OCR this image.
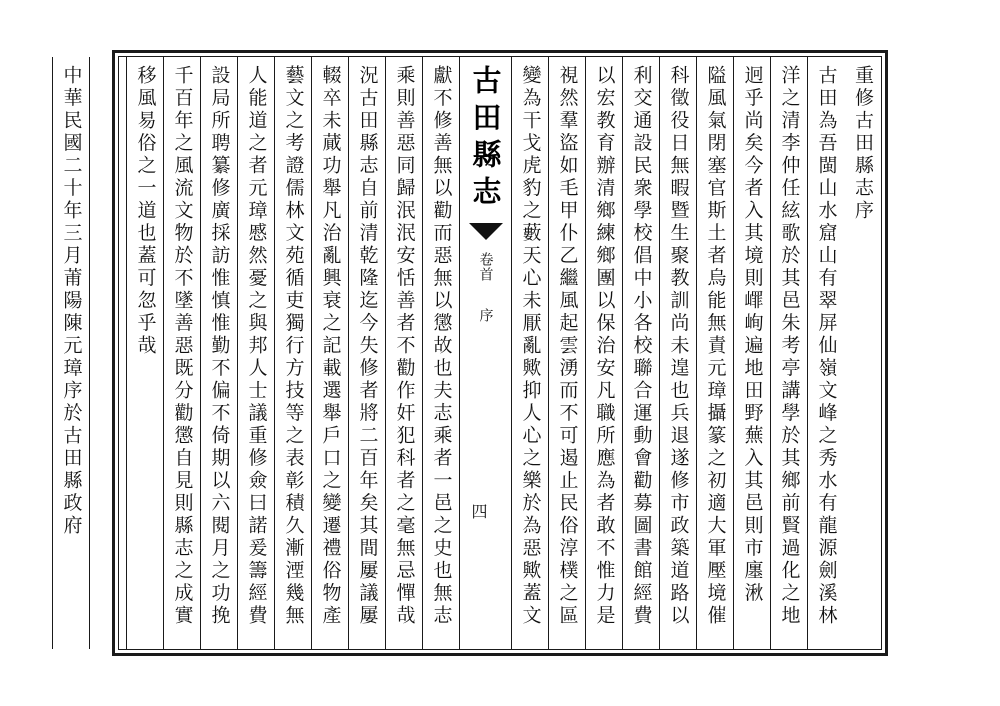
重修古田縣志序
古田為吾閩山水窟山有翠屏仙嶺文峰之秀水有龍源劍溪林
洋之清李仲任絃歌於其邑朱考亭講學於其鄉前賢過化之地
迥乎尚矣今者入其境則嶵峋遍地田野蕪入其邑則市廛湫
隘風氣閉塞官斯土者烏能無責元璋攝篆之初適大軍壓境催
科徵役日無暇暨生聚教訓尚未遑也兵退遂修市政築道路以
利交通設民衆學校倡中小各校聯合運動會勸募圖書館經費
以宏教育辦清鄉練鄉團以保治安凡職所應為者敢不惟力是
視然羣盜如毛甲仆乙繼風起雲湧而不可遏止民俗淳樸之區
變為干戈虎豹之藪天心未厭亂歟抑人心之樂於為惡歟蓋文
古田縣志
卷首
序
四
獻不修善無以勸而惡無以懲故也夫志乘者一邑之史也無志
乘則善惡同歸泯泯安恬善者不勸作奸犯科者之毫無忌憚哉
況古田縣志自前清乾隆迄今失修者將二百年矣其間屢議屢
輟卒未蕆功舉凡治亂興衰之記載選舉戶口之變遷禮俗物產
藝文之考證儒林文苑循吏獨行方技等之表彰積久漸湮幾無
人能道之者元璋慼然憂之與邦人士議重修僉曰諾爰籌經費
設局所聘纂修廣採訪惟慎惟勤不偏不倚期以六閱月之功挽
千百年之風流文物於不墜善惡既分勸懲自見則縣志之成實
移風易俗之一道也蓋可忽乎哉
中華民國二十年三月莆陽陳元璋序於古田縣政府
